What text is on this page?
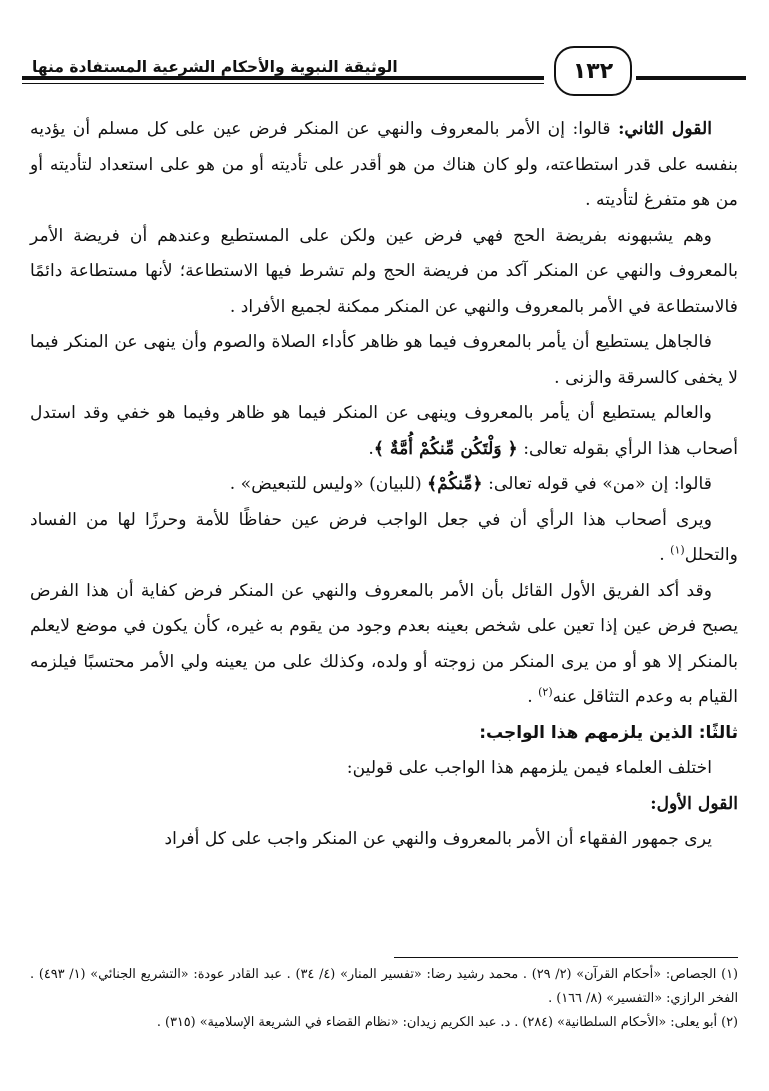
الوثيقة النبوية والأحكام الشرعية المستفادة منها	١٣٢

القول الثاني: قالوا: إن الأمر بالمعروف والنهي عن المنكر فرض عين على كل مسلم أن يؤديه بنفسه على قدر استطاعته، ولو كان هناك من هو أقدر على تأديته أو من هو على استعداد لتأديته أو من هو متفرغ لتأديته .

وهم يشبهونه بفريضة الحج فهي فرض عين ولكن على المستطيع وعندهم أن فريضة الأمر بالمعروف والنهي عن المنكر آكد من فريضة الحج ولم تشرط فيها الاستطاعة؛ لأنها مستطاعة دائمًا فالاستطاعة في الأمر بالمعروف والنهي عن المنكر ممكنة لجميع الأفراد .

فالجاهل يستطيع أن يأمر بالمعروف فيما هو ظاهر كأداء الصلاة والصوم وأن ينهى عن المنكر فيما لا يخفى كالسرقة والزنى .

والعالم يستطيع أن يأمر بالمعروف وينهى عن المنكر فيما هو ظاهر وفيما هو خفي وقد استدل أصحاب هذا الرأي بقوله تعالى: ﴿ وَلْتَكُن مِّنكُمْ أُمَّةٌ ﴾.

قالوا: إن «من» في قوله تعالى: ﴿مِّنكُمْ﴾ (للبيان) «وليس للتبعيض» .

ويرى أصحاب هذا الرأي أن في جعل الواجب فرض عين حفاظًا للأمة وحرزًا لها من الفساد والتحلل$^{(١)}$ .

وقد أكد الفريق الأول القائل بأن الأمر بالمعروف والنهي عن المنكر فرض كفاية أن هذا الفرض يصبح فرض عين إذا تعين على شخص بعينه بعدم وجود من يقوم به غيره، كأن يكون في موضع لايعلم بالمنكر إلا هو أو من يرى المنكر من زوجته أو ولده، وكذلك على من يعينه ولي الأمر محتسبًا فيلزمه القيام به وعدم التثاقل عنه$^{(٢)}$ .

ثالثًا: الذين يلزمهم هذا الواجب:

اختلف العلماء فيمن يلزمهم هذا الواجب على قولين:

القول الأول:

يرى جمهور الفقهاء أن الأمر بالمعروف والنهي عن المنكر واجب على كل أفراد

(١) الجصاص: «أحكام القرآن» (٢/ ٢٩) . محمد رشيد رضا: «تفسير المنار» (٤/ ٣٤) . عبد القادر عودة: «التشريع الجنائي» (١/ ٤٩٣) . الفخر الرازي: «التفسير» (٨/ ١٦٦) .

(٢) أبو يعلى: «الأحكام السلطانية» (٢٨٤) . د. عبد الكريم زيدان: «نظام القضاء في الشريعة الإسلامية» (٣١٥) .
